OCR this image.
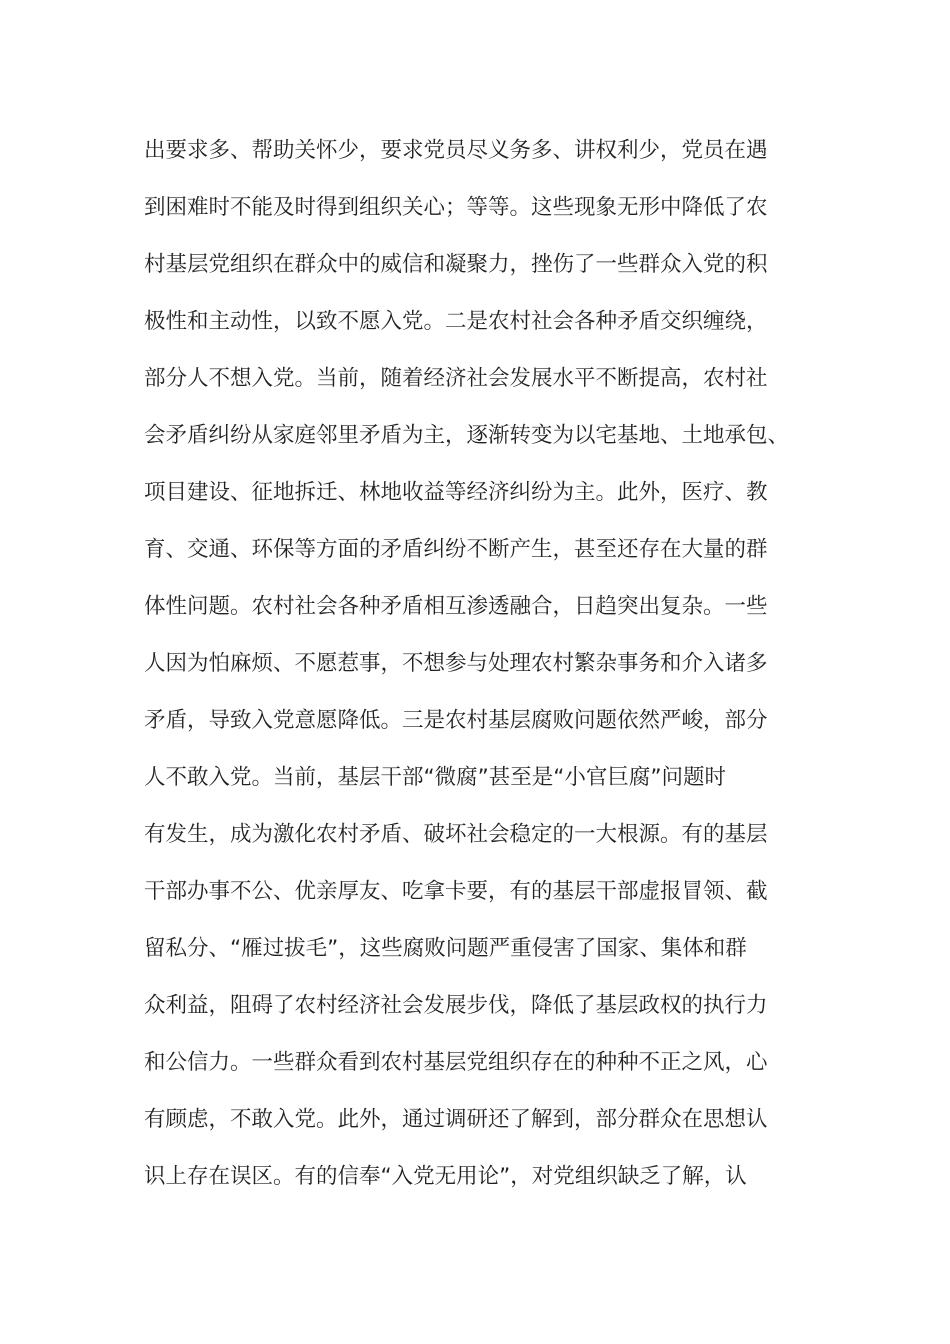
出要求多、帮助关怀少，要求党员尽义务多、讲权利少，党员在遇
到困难时不能及时得到组织关心；等等。这些现象无形中降低了农
村基层党组织在群众中的威信和凝聚力，挫伤了一些群众入党的积
极性和主动性，以致不愿入党。二是农村社会各种矛盾交织缠绕，
部分人不想入党。当前，随着经济社会发展水平不断提高，农村社
会矛盾纠纷从家庭邻里矛盾为主，逐渐转变为以宅基地、土地承包、
项目建设、征地拆迁、林地收益等经济纠纷为主。此外，医疗、教
育、交通、环保等方面的矛盾纠纷不断产生，甚至还存在大量的群
体性问题。农村社会各种矛盾相互渗透融合，日趋突出复杂。一些
人因为怕麻烦、不愿惹事，不想参与处理农村繁杂事务和介入诸多
矛盾，导致入党意愿降低。三是农村基层腐败问题依然严峻，部分
人不敢入党。当前，基层干部“微腐”甚至是“小官巨腐”问题时
有发生，成为激化农村矛盾、破坏社会稳定的一大根源。有的基层
干部办事不公、优亲厚友、吃拿卡要，有的基层干部虚报冒领、截
留私分、“雁过拔毛”，这些腐败问题严重侵害了国家、集体和群
众利益，阻碍了农村经济社会发展步伐，降低了基层政权的执行力
和公信力。一些群众看到农村基层党组织存在的种种不正之风，心
有顾虑，不敢入党。此外，通过调研还了解到，部分群众在思想认
识上存在误区。有的信奉“入党无用论”，对党组织缺乏了解，认
